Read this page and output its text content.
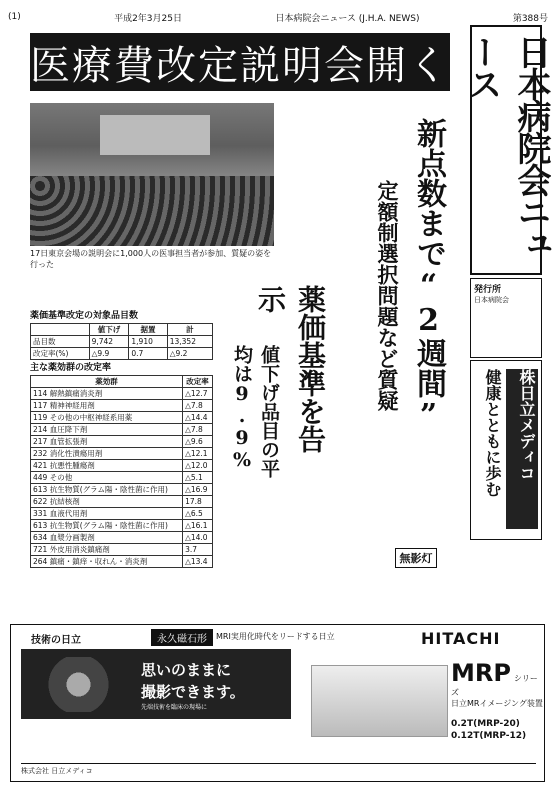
(1)	平成2年3月25日	日本病院会ニュース (J.H.A. NEWS)	第388号
医療費改定説明会開く	日本病院会ニュース
発行所
日本病院会
17日東京会場の説明会に1,000人の医事担当者が参加、質疑の姿を行った	新点数まで“2週間”
定額制選択問題など質疑
薬価基準を告示
値下げ品目の平均は9.9%
薬価基準改定の対象品目数
	値下げ	据置	計
品目数	9,742	1,910	13,352
改定率(%)	△9.9	0.7	△9.2
主な薬効群の改定率
薬効群	改定率
114 解熱鎮痛消炎剤	△12.7
117 精神神経用剤	△7.8
119 その他の中枢神経系用薬	△14.4
214 血圧降下剤	△7.8
217 血管拡張剤	△9.6
232 消化性潰瘍用剤	△12.1
421 抗悪性腫瘍剤	△12.0
449 その他	△5.1
613 抗生物質(グラム陽・陰性菌に作用)	△16.9
622 抗結核剤	17.8
331 血液代用剤	△6.5
613 抗生物質(グラム陽・陰性菌に作用)	△16.1
634 血漿分画製剤	△14.0
721 外皮用消炎鎮痛剤	3.7
264 鎮痛・鎮痒・収れん・消炎剤	△13.4
健康とともに歩む 株日立メディコ
無影灯
技術の日立	永久磁石形	MRI実用化時代をリードする日立	HITACHI
思いのままに
撮影できます。
先端技術を臨床の現場に
MRP シリーズ
日立MRイメージング装置
0.2T(MRP-20)
0.12T(MRP-12)
株式会社 日立メディコ
